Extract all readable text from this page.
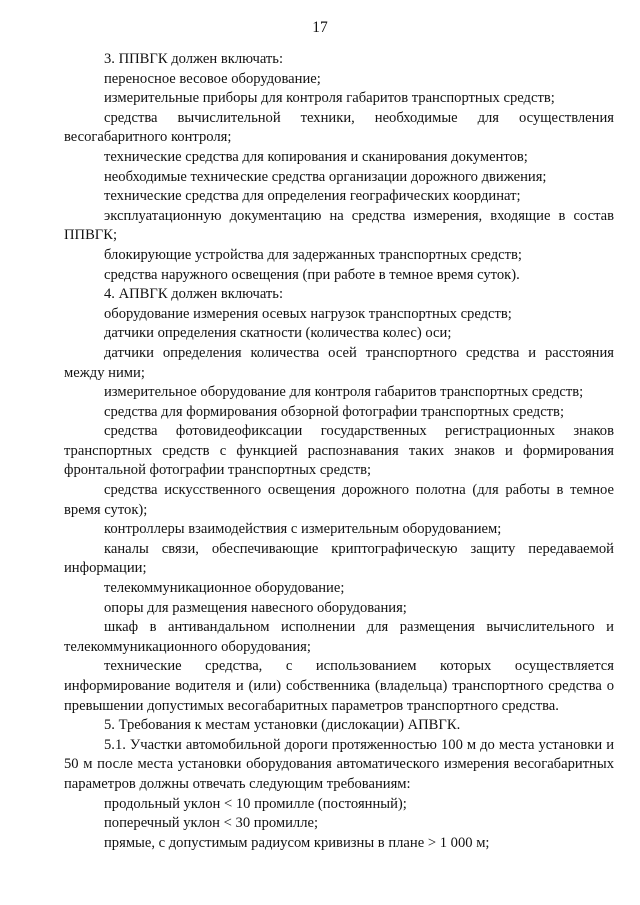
17

3. ППВГК должен включать:

переносное весовое оборудование;

измерительные приборы для контроля габаритов транспортных средств;

средства вычислительной техники, необходимые для осуществления весогабаритного контроля;

технические средства для копирования и сканирования документов;

необходимые технические средства организации дорожного движения;

технические средства для определения географических координат;

эксплуатационную документацию на средства измерения, входящие в состав ППВГК;

блокирующие устройства для задержанных транспортных средств;

средства наружного освещения (при работе в темное время суток).

4. АПВГК должен включать:

оборудование измерения осевых нагрузок транспортных средств;

датчики определения скатности (количества колес) оси;

датчики определения количества осей транспортного средства и расстояния между ними;

измерительное оборудование для контроля габаритов транспортных средств;

средства для формирования обзорной фотографии транспортных средств;

средства фотовидеофиксации государственных регистрационных знаков транспортных средств с функцией распознавания таких знаков и формирования фронтальной фотографии транспортных средств;

средства искусственного освещения дорожного полотна (для работы в темное время суток);

контроллеры взаимодействия с измерительным оборудованием;

каналы связи, обеспечивающие криптографическую защиту передаваемой информации;

телекоммуникационное оборудование;

опоры для размещения навесного оборудования;

шкаф в антивандальном исполнении для размещения вычислительного и телекоммуникационного оборудования;

технические средства, с использованием которых осуществляется информирование водителя и (или) собственника (владельца) транспортного средства о превышении допустимых весогабаритных параметров транспортного средства.

5. Требования к местам установки (дислокации) АПВГК.

5.1. Участки автомобильной дороги протяженностью 100 м до места установки и 50 м после места установки оборудования автоматического измерения весогабаритных параметров должны отвечать следующим требованиям:

продольный уклон < 10 промилле (постоянный);

поперечный уклон < 30 промилле;

прямые, с допустимым радиусом кривизны в плане > 1 000 м;
